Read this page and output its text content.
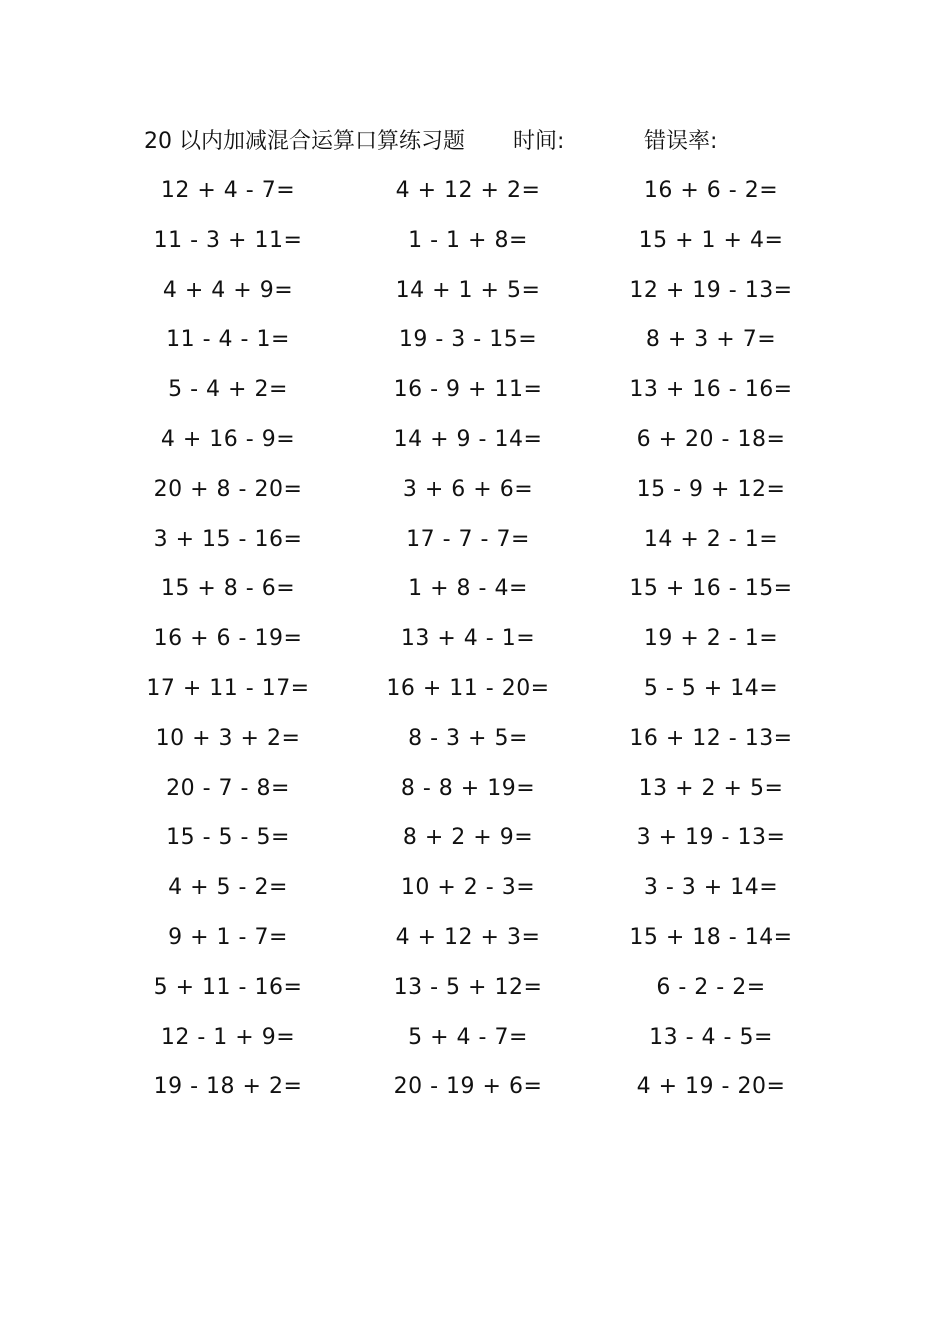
20 以内加减混合运算口算练习题 时间:	错误率:
12 + 4 - 7=	4 + 12 + 2=	16 + 6 - 2=
11 - 3 + 11=	1 - 1 + 8=	15 + 1 + 4=
4 + 4 + 9=	14 + 1 + 5=	12 + 19 - 13=
11 - 4 - 1=	19 - 3 - 15=	8 + 3 + 7=
5 - 4 + 2=	16 - 9 + 11=	13 + 16 - 16=
4 + 16 - 9=	14 + 9 - 14=	6 + 20 - 18=
20 + 8 - 20=	3 + 6 + 6=	15 - 9 + 12=
3 + 15 - 16=	17 - 7 - 7=	14 + 2 - 1=
15 + 8 - 6=	1 + 8 - 4=	15 + 16 - 15=
16 + 6 - 19=	13 + 4 - 1=	19 + 2 - 1=
17 + 11 - 17=	16 + 11 - 20=	5 - 5 + 14=
10 + 3 + 2=	8 - 3 + 5=	16 + 12 - 13=
20 - 7 - 8=	8 - 8 + 19=	13 + 2 + 5=
15 - 5 - 5=	8 + 2 + 9=	3 + 19 - 13=
4 + 5 - 2=	10 + 2 - 3=	3 - 3 + 14=
9 + 1 - 7=	4 + 12 + 3=	15 + 18 - 14=
5 + 11 - 16=	13 - 5 + 12=	6 - 2 - 2=
12 - 1 + 9=	5 + 4 - 7=	13 - 4 - 5=
19 - 18 + 2=	20 - 19 + 6=	4 + 19 - 20=
